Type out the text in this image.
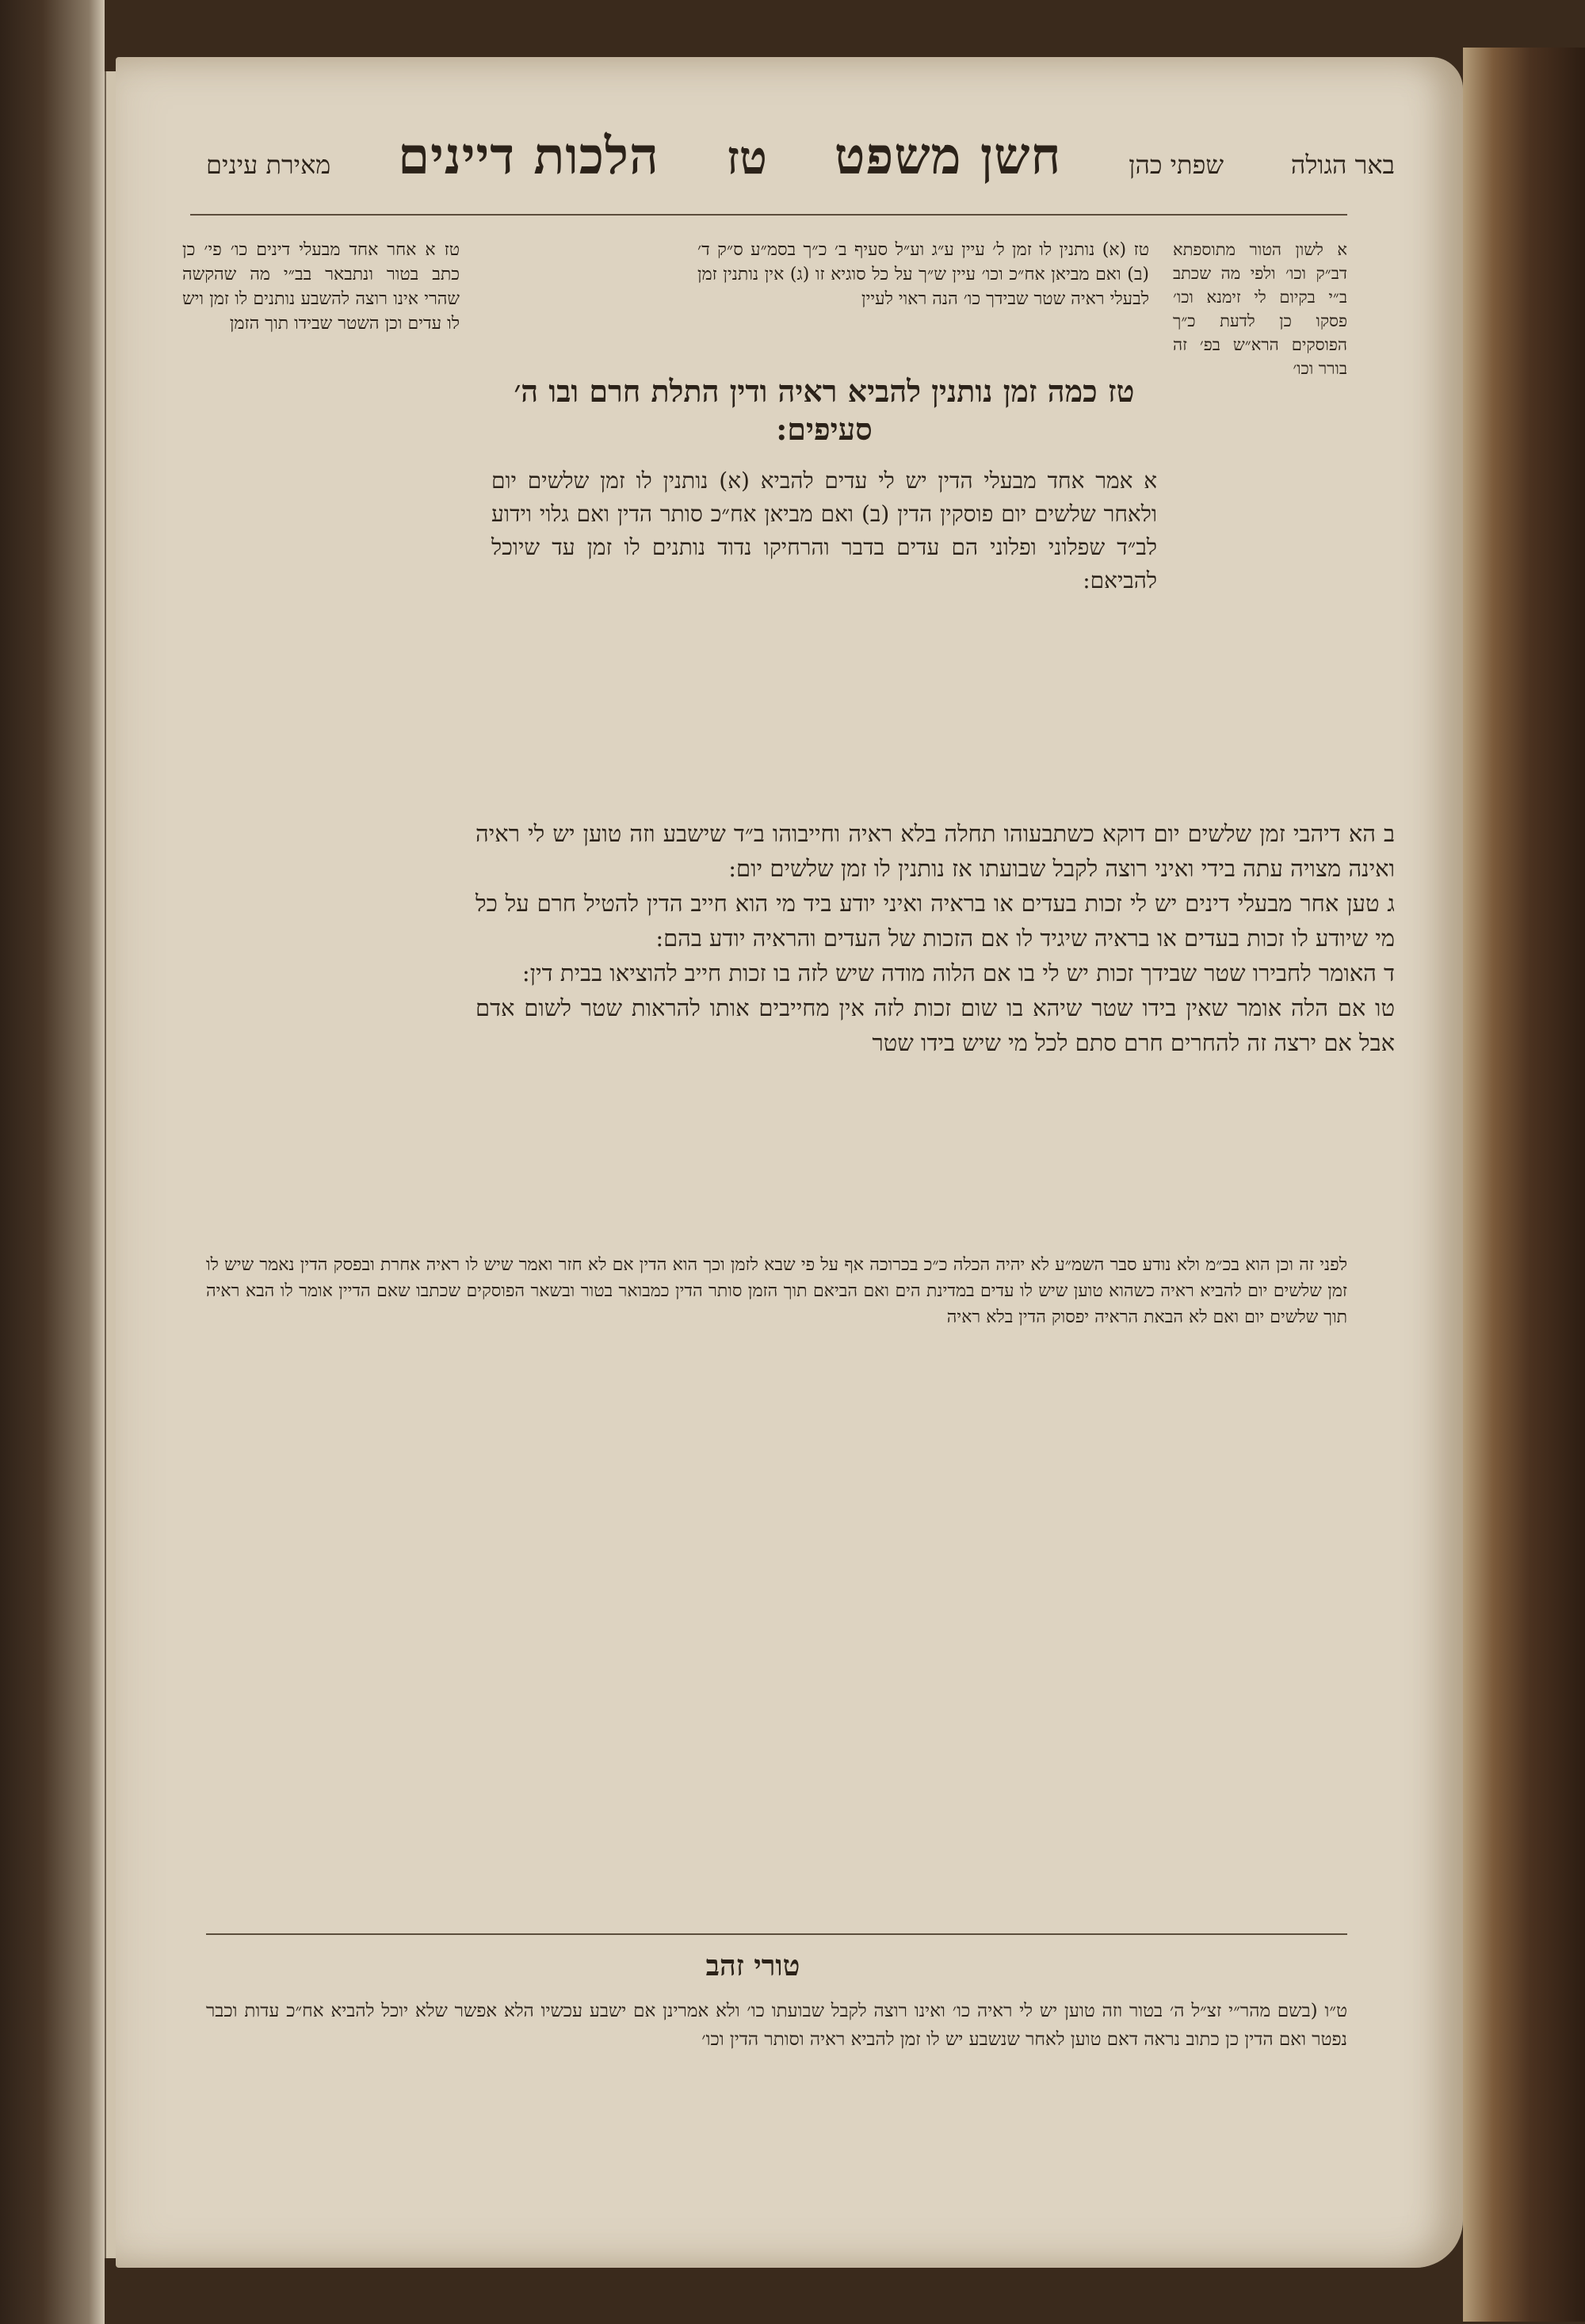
באר הגולה
שפתי כהן
חשן משפט
טז
הלכות דיינים
מאירת עינים
א לשון הטור מתוספתא דב״ק וכו׳ ולפי מה שכתב ב״י בקיום לי זימנא וכו׳ פסקו כן לדעת כ״ך הפוסקים הרא״ש בפ׳ זה בורר וכו׳
טז (א) נותנין לו זמן ל׳ עיין ע״ג וע״ל סעיף ב׳ כ״ך בסמ״ע ס״ק ד׳ (ב) ואם מביאן אח״כ וכו׳ עיין ש״ך על כל סוגיא זו (ג) אין נותנין זמן לבעלי ראיה שטר שבידך כו׳ הנה ראוי לעיין
טז א אחר אחד מבעלי דינים כו׳ פי׳ כן כתב בטור ונתבאר בב״י מה שהקשה שהרי אינו רוצה להשבע נותנים לו זמן ויש לו עדים וכן השטר שבידו תוך הזמן
טז כמה זמן נותנין להביא ראיה ודין התלת חרם ובו ה׳ סעיפים:
א אמר אחד מבעלי הדין יש לי עדים להביא (א) נותנין לו זמן שלשים יום ולאחר שלשים יום פוסקין הדין (ב) ואם מביאן אח״כ סותר הדין ואם גלוי וידוע לב״ד שפלוני ופלוני הם עדים בדבר והרחיקו נדוד נותנים לו זמן עד שיוכל להביאם:
ב הא דיהבי זמן שלשים יום דוקא כשתבעוהו תחלה בלא ראיה וחייבוהו ב״ד שישבע וזה טוען יש לי ראיה ואינה מצויה עתה בידי ואיני רוצה לקבל שבועתו אז נותנין לו זמן שלשים יום:
ג טען אחר מבעלי דינים יש לי זכות בעדים או בראיה ואיני יודע ביד מי הוא חייב הדין להטיל חרם על כל מי שיודע לו זכות בעדים או בראיה שיגיד לו אם הזכות של העדים והראיה יודע בהם:
ד האומר לחבירו שטר שבידך זכות יש לי בו אם הלוה מודה שיש לזה בו זכות חייב להוציאו בבית דין:
טו אם הלה אומר שאין בידו שטר שיהא בו שום זכות לזה אין מחייבים אותו להראות שטר לשום אדם אבל אם ירצה זה להחרים חרם סתם לכל מי שיש בידו שטר
לפני זה וכן הוא בכ״מ ולא נודע סבר השמ״ע לא יהיה הכלה כ״כ בכרוכה אף על פי שבא לזמן וכך הוא הדין אם לא חזר ואמר שיש לו ראיה אחרת ובפסק הדין נאמר שיש לו זמן שלשים יום להביא ראיה כשהוא טוען שיש לו עדים במדינת הים ואם הביאם תוך הזמן סותר הדין כמבואר בטור ובשאר הפוסקים שכתבו שאם הדיין אומר לו הבא ראיה תוך שלשים יום ואם לא הבאת הראיה יפסוק הדין בלא ראיה
טורי זהב
ט״ו (בשם מהר״י זצ״ל ה׳ בטור וזה טוען יש לי ראיה כו׳ ואינו רוצה לקבל שבועתו כו׳ ולא אמרינן אם ישבע עכשיו הלא אפשר שלא יוכל להביא אח״כ עדות וכבר נפטר ואם הדין כן כתוב נראה דאם טוען לאחר שנשבע יש לו זמן להביא ראיה וסותר הדין וכו׳
